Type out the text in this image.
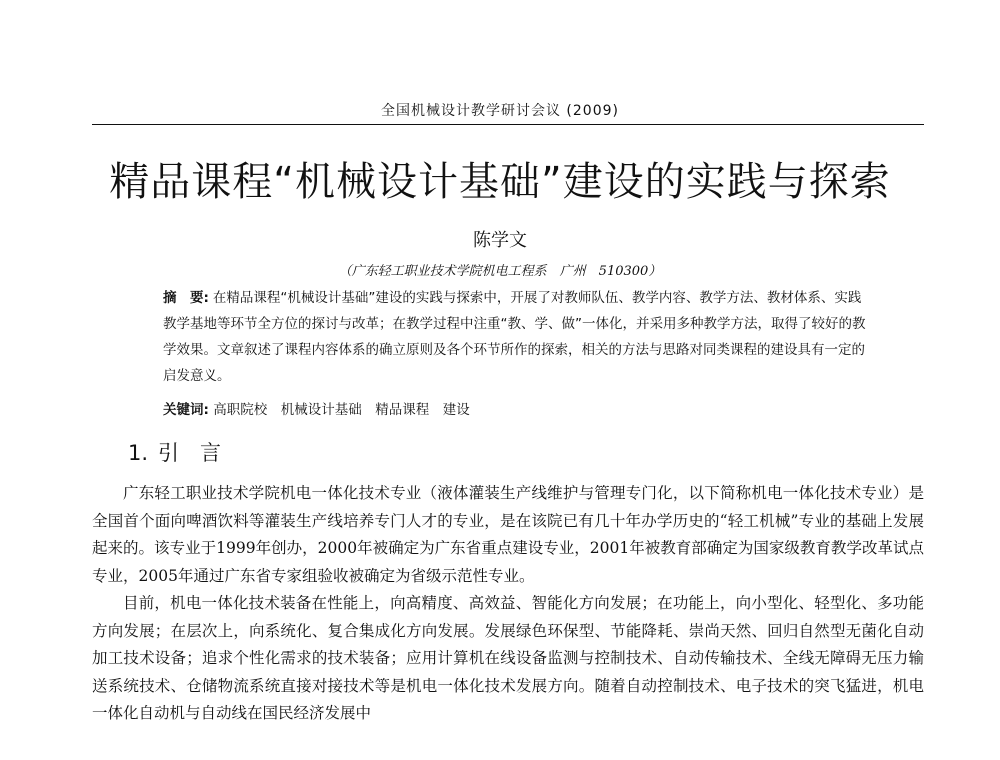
全国机械设计教学研讨会议 (2009)
精品课程“机械设计基础”建设的实践与探索
陈学文
（广东轻工职业技术学院机电工程系　广州　510300）
摘　要: 在精品课程“机械设计基础”建设的实践与探索中，开展了对教师队伍、教学内容、教学方法、教材体系、实践教学基地等环节全方位的探讨与改革；在教学过程中注重“教、学、做”一体化，并采用多种教学方法，取得了较好的教学效果。文章叙述了课程内容体系的确立原则及各个环节所作的探索，相关的方法与思路对同类课程的建设具有一定的启发意义。
关键词: 高职院校　机械设计基础　精品课程　建设
1. 引　言

广东轻工职业技术学院机电一体化技术专业（液体灌装生产线维护与管理专门化，以下简称机电一体化技术专业）是全国首个面向啤酒饮料等灌装生产线培养专门人才的专业，是在该院已有几十年办学历史的“轻工机械”专业的基础上发展起来的。该专业于1999年创办，2000年被确定为广东省重点建设专业，2001年被教育部确定为国家级教育教学改革试点专业，2005年通过广东省专家组验收被确定为省级示范性专业。

目前，机电一体化技术装备在性能上，向高精度、高效益、智能化方向发展；在功能上，向小型化、轻型化、多功能方向发展；在层次上，向系统化、复合集成化方向发展。发展绿色环保型、节能降耗、崇尚天然、回归自然型无菌化自动加工技术设备；追求个性化需求的技术装备；应用计算机在线设备监测与控制技术、自动传输技术、全线无障碍无压力输送系统技术、仓储物流系统直接对接技术等是机电一体化技术发展方向。随着自动控制技术、电子技术的突飞猛进，机电一体化自动机与自动线在国民经济发展中
